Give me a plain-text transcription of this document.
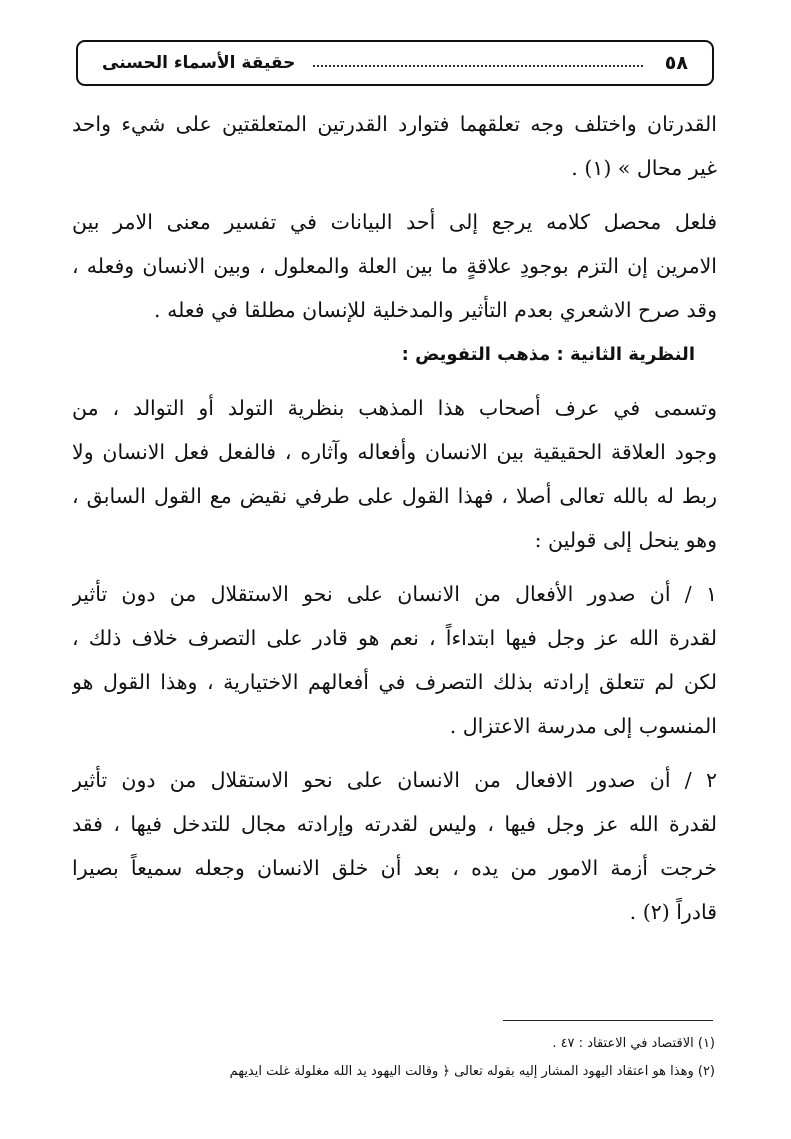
٥٨
حقيقة الأسماء الحسنى
القدرتان واختلف وجه تعلقهما فتوارد القدرتين المتعلقتين على شيء واحد
غير محال » (١) .
فلعل محصل كلامه يرجع إلى أحد البيانات في تفسير معنى الامر بين
الامرين إن التزم بوجودِ علاقةٍ ما بين العلة والمعلول ، وبين الانسان وفعله ،
وقد صرح الاشعري بعدم التأثير والمدخلية للإنسان مطلقا في فعله .
النظرية الثانية : مذهب التفويض :
وتسمى في عرف أصحاب هذا المذهب بنظرية التولد أو التوالد ، من
وجود العلاقة الحقيقية بين الانسان وأفعاله وآثاره ، فالفعل فعل الانسان ولا
ربط له بالله تعالى أصلا ، فهذا القول على طرفي نقيض مع القول السابق ،
وهو ينحل إلى قولين :
١ / أن صدور الأفعال من الانسان على نحو الاستقلال من دون تأثير
لقدرة الله عز وجل فيها ابتداءاً ، نعم هو قادر على التصرف خلاف ذلك ،
لكن لم تتعلق إرادته بذلك التصرف في أفعالهم الاختيارية ، وهذا القول هو
المنسوب إلى مدرسة الاعتزال .
٢ / أن صدور الافعال من الانسان على نحو الاستقلال من دون تأثير
لقدرة الله عز وجل فيها ، وليس لقدرته وإرادته مجال للتدخل فيها ، فقد
خرجت أزمة الامور من يده ، بعد أن خلق الانسان وجعله سميعاً بصيرا
قادراً (٢) .
(١) الاقتصاد في الاعتقاد : ٤٧ .
(٢) وهذا هو اعتقاد اليهود المشار إليه بقوله تعالى ﴿ وقالت اليهود يد الله مغلولة غلت ايديهم
